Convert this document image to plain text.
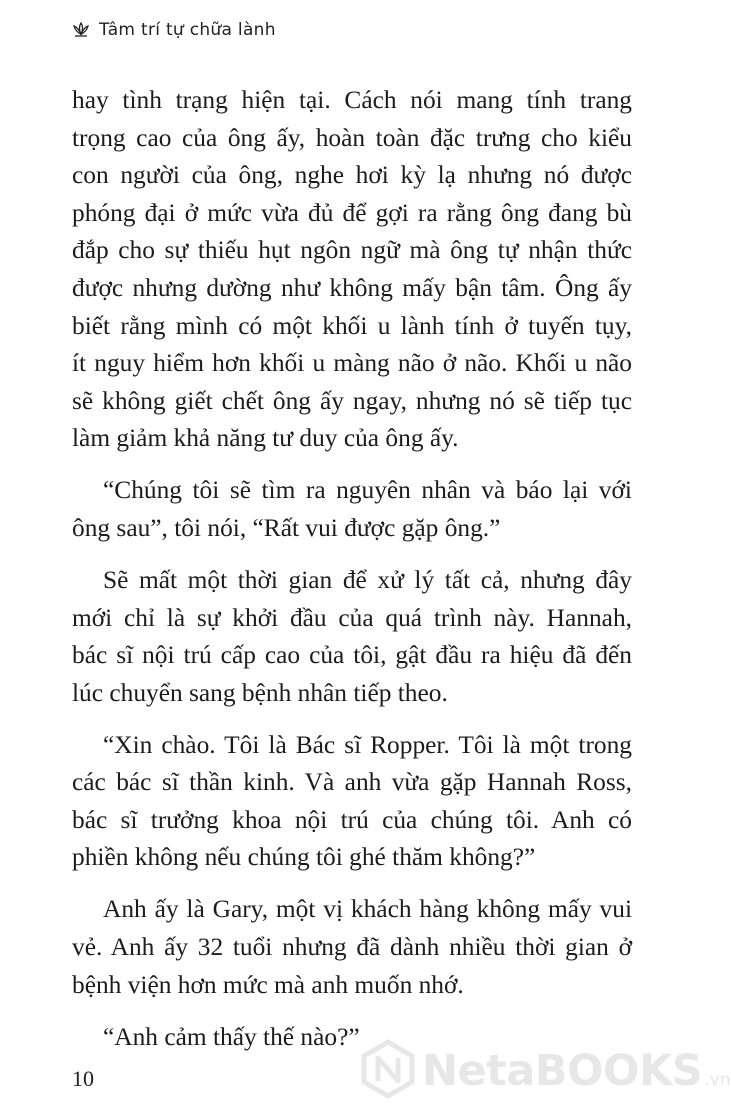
Tâm trí tự chữa lành

hay tình trạng hiện tại. Cách nói mang tính trang
trọng cao của ông ấy, hoàn toàn đặc trưng cho kiểu
con người của ông, nghe hơi kỳ lạ nhưng nó được
phóng đại ở mức vừa đủ để gợi ra rằng ông đang bù
đắp cho sự thiếu hụt ngôn ngữ mà ông tự nhận thức
được nhưng dường như không mấy bận tâm. Ông ấy
biết rằng mình có một khối u lành tính ở tuyến tụy,
ít nguy hiểm hơn khối u màng não ở não. Khối u não
sẽ không giết chết ông ấy ngay, nhưng nó sẽ tiếp tục
làm giảm khả năng tư duy của ông ấy.

“Chúng tôi sẽ tìm ra nguyên nhân và báo lại với
ông sau”, tôi nói, “Rất vui được gặp ông.”

Sẽ mất một thời gian để xử lý tất cả, nhưng đây
mới chỉ là sự khởi đầu của quá trình này. Hannah,
bác sĩ nội trú cấp cao của tôi, gật đầu ra hiệu đã đến
lúc chuyển sang bệnh nhân tiếp theo.

“Xin chào. Tôi là Bác sĩ Ropper. Tôi là một trong
các bác sĩ thần kinh. Và anh vừa gặp Hannah Ross,
bác sĩ trưởng khoa nội trú của chúng tôi. Anh có
phiền không nếu chúng tôi ghé thăm không?”

Anh ấy là Gary, một vị khách hàng không mấy vui
vẻ. Anh ấy 32 tuổi nhưng đã dành nhiều thời gian ở
bệnh viện hơn mức mà anh muốn nhớ.

“Anh cảm thấy thế nào?”

10	NetaBOOKS .vn
